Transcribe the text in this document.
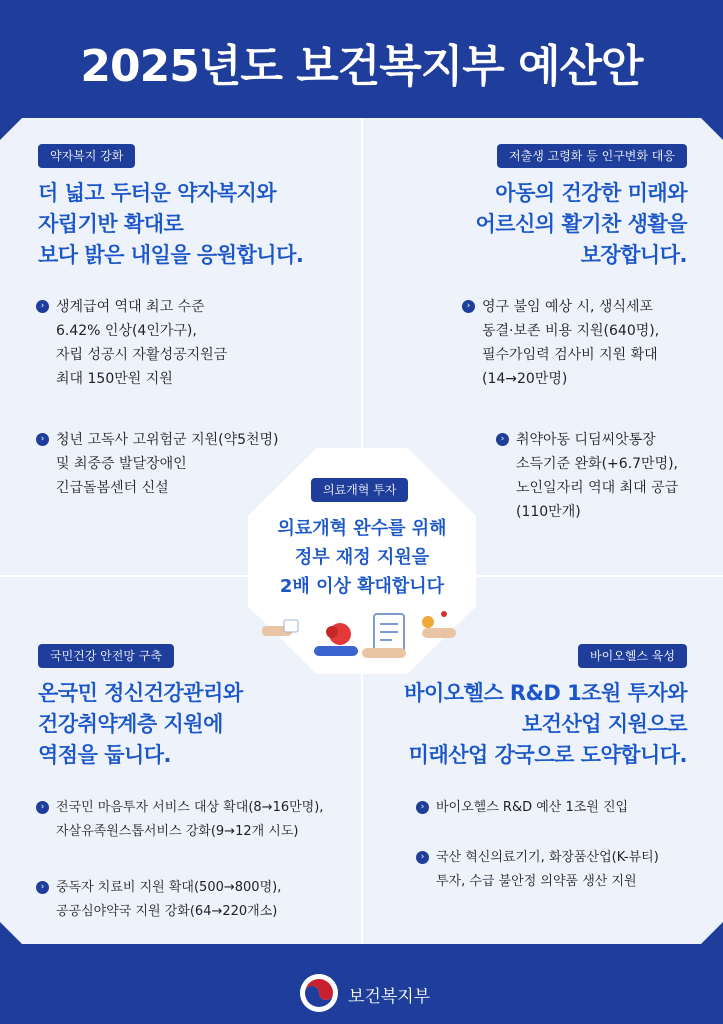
2025년도 보건복지부 예산안
약자복지 강화
더 넓고 두터운 약자복지와
자립기반 확대로
보다 밝은 내일을 응원합니다.
› 생계급여 역대 최고 수준
6.42% 인상(4인가구),
자립 성공시 자활성공지원금
최대 150만원 지원
› 청년 고독사 고위험군 지원(약5천명)
및 최중증 발달장애인
긴급돌봄센터 신설
저출생 고령화 등 인구변화 대응
아동의 건강한 미래와
어르신의 활기찬 생활을
보장합니다.
› 영구 불임 예상 시, 생식세포
동결·보존 비용 지원(640명),
필수가임력 검사비 지원 확대
(14→20만명)
› 취약아동 디딤씨앗통장
소득기준 완화(+6.7만명),
노인일자리 역대 최대 공급
(110만개)
의료개혁 투자
의료개혁 완수를 위해
정부 재정 지원을
2배 이상 확대합니다
국민건강 안전망 구축
온국민 정신건강관리와
건강취약계층 지원에
역점을 둡니다.
› 전국민 마음투자 서비스 대상 확대(8→16만명),
자살유족원스톱서비스 강화(9→12개 시도)
› 중독자 치료비 지원 확대(500→800명),
공공심야약국 지원 강화(64→220개소)
바이오헬스 육성
바이오헬스 R&D 1조원 투자와
보건산업 지원으로
미래산업 강국으로 도약합니다.
› 바이오헬스 R&D 예산 1조원 진입
› 국산 혁신의료기기, 화장품산업(K-뷰티)
투자, 수급 불안정 의약품 생산 지원
보건복지부
